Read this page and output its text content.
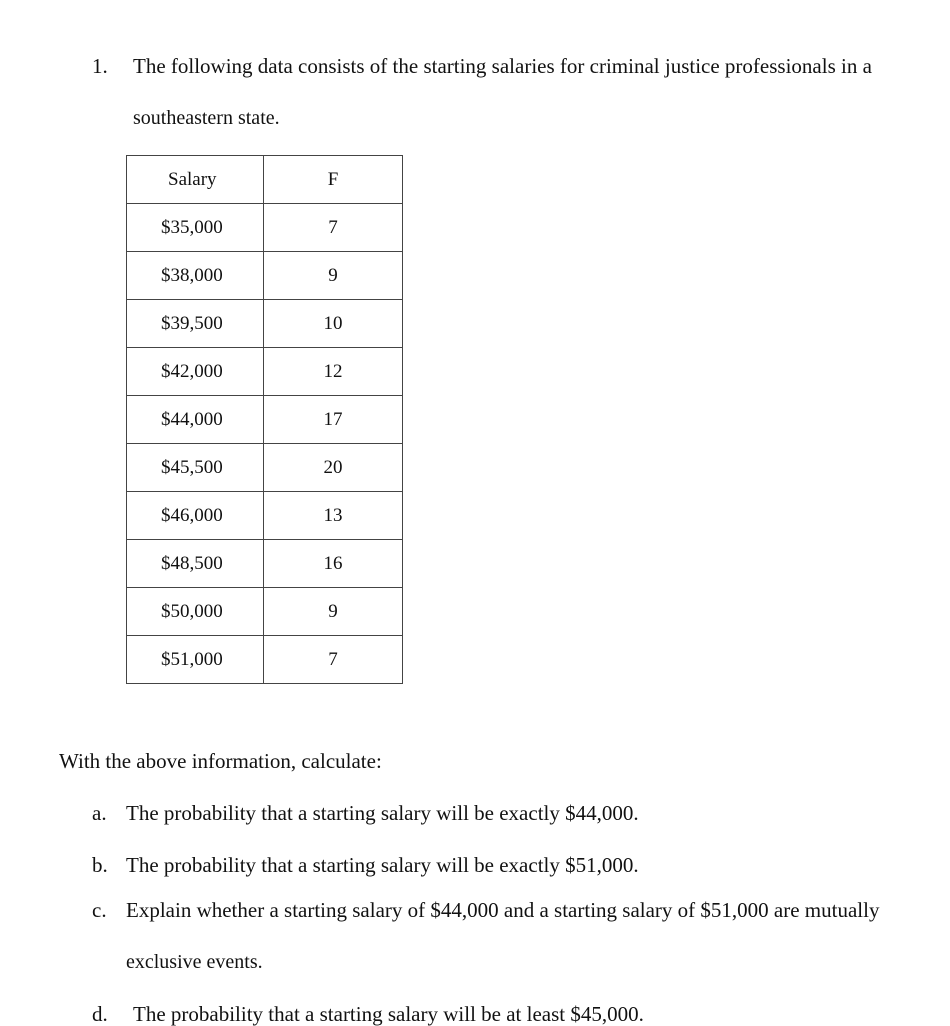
1. The following data consists of the starting salaries for criminal justice professionals in a
southeastern state.
Salary	F
$35,000	7
$38,000	9
$39,500	10
$42,000	12
$44,000	17
$45,500	20
$46,000	13
$48,500	16
$50,000	9
$51,000	7
With the above information, calculate:
a. The probability that a starting salary will be exactly $44,000.
b. The probability that a starting salary will be exactly $51,000.
c. Explain whether a starting salary of $44,000 and a starting salary of $51,000 are mutually
exclusive events.
d. The probability that a starting salary will be at least $45,000.
